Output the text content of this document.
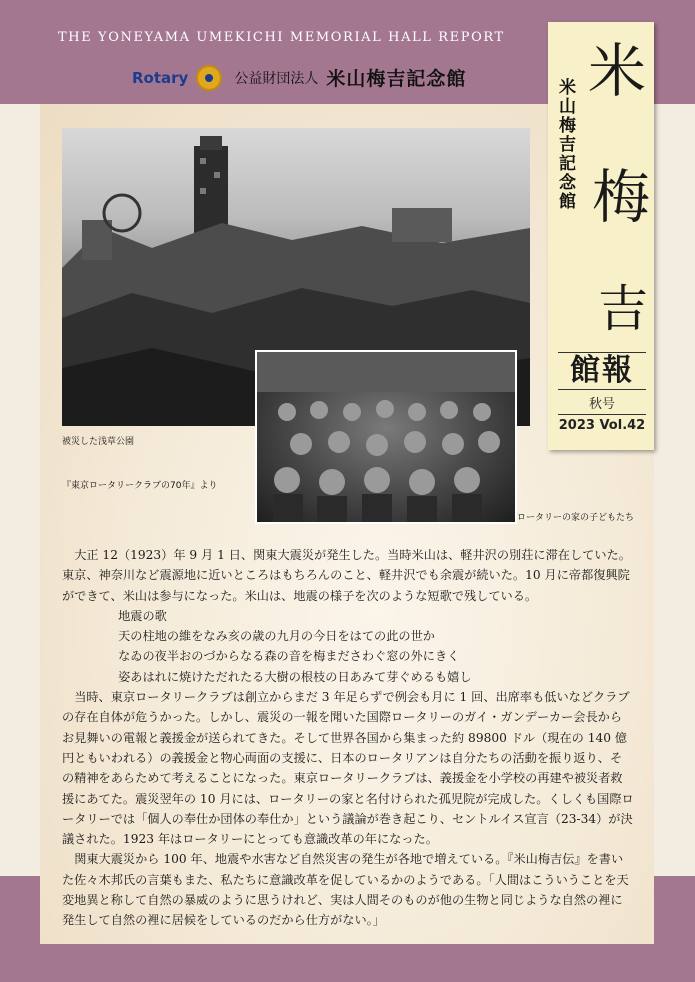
THE YONEYAMA UMEKICHI MEMORIAL HALL REPORT
Rotary	公益財団法人 米山梅吉記念館	米山梅吉記念館
米
梅
吉
館報
秋号
2023 Vol.42
被災した浅草公園
『東京ロータリークラブの70年』より
ロータリーの家の子どもたち

大正 12（1923）年 9 月 1 日、関東大震災が発生した。当時米山は、軽井沢の別荘に滞在していた。東京、神奈川など震源地に近いところはもちろんのこと、軽井沢でも余震が続いた。10 月に帝都復興院ができて、米山は参与になった。米山は、地震の様子を次のような短歌で残している。

地震の歌
天の柱地の維をなみ亥の歳の九月の今日をはての此の世か
なゐの夜半おのづからなる森の音を梅まださわぐ窓の外にきく
姿あはれに焼けただれたる大樹の根枝の日あみて芽ぐめるも嬉し

当時、東京ロータリークラブは創立からまだ 3 年足らずで例会も月に 1 回、出席率も低いなどクラブの存在自体が危うかった。しかし、震災の一報を聞いた国際ロータリーのガイ・ガンデーカー会長からお見舞いの電報と義援金が送られてきた。そして世界各国から集まった約 89800 ドル（現在の 140 億円ともいわれる）の義援金と物心両面の支援に、日本のロータリアンは自分たちの活動を振り返り、その精神をあらためて考えることになった。東京ロータリークラブは、義援金を小学校の再建や被災者救援にあてた。震災翌年の 10 月には、ロータリーの家と名付けられた孤児院が完成した。くしくも国際ロータリーでは「個人の奉仕か団体の奉仕か」という議論が巻き起こり、セントルイス宣言（23-34）が決議された。1923 年はロータリーにとっても意識改革の年になった。

関東大震災から 100 年、地震や水害など自然災害の発生が各地で増えている。『米山梅吉伝』を書いた佐々木邦氏の言葉もまた、私たちに意識改革を促しているかのようである。「人間はこういうことを天変地異と称して自然の暴威のように思うけれど、実は人間そのものが他の生物と同じような自然の裡に発生して自然の裡に居候をしているのだから仕方がない。」
